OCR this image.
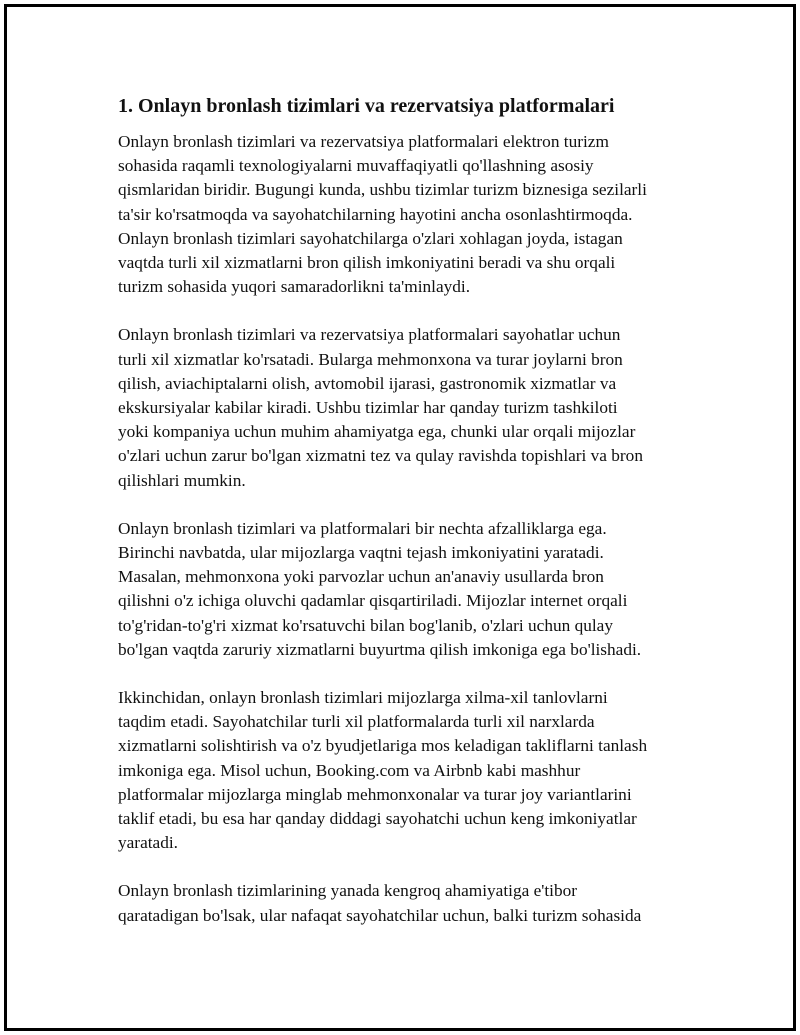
1. Onlayn bronlash tizimlari va rezervatsiya platformalari

Onlayn bronlash tizimlari va rezervatsiya platformalari elektron turizm
sohasida raqamli texnologiyalarni muvaffaqiyatli qo'llashning asosiy
qismlaridan biridir. Bugungi kunda, ushbu tizimlar turizm biznesiga sezilarli
ta'sir ko'rsatmoqda va sayohatchilarning hayotini ancha osonlashtirmoqda.
Onlayn bronlash tizimlari sayohatchilarga o'zlari xohlagan joyda, istagan
vaqtda turli xil xizmatlarni bron qilish imkoniyatini beradi va shu orqali
turizm sohasida yuqori samaradorlikni ta'minlaydi.

Onlayn bronlash tizimlari va rezervatsiya platformalari sayohatlar uchun
turli xil xizmatlar ko'rsatadi. Bularga mehmonxona va turar joylarni bron
qilish, aviachiptalarni olish, avtomobil ijarasi, gastronomik xizmatlar va
ekskursiyalar kabilar kiradi. Ushbu tizimlar har qanday turizm tashkiloti
yoki kompaniya uchun muhim ahamiyatga ega, chunki ular orqali mijozlar
o'zlari uchun zarur bo'lgan xizmatni tez va qulay ravishda topishlari va bron
qilishlari mumkin.

Onlayn bronlash tizimlari va platformalari bir nechta afzalliklarga ega.
Birinchi navbatda, ular mijozlarga vaqtni tejash imkoniyatini yaratadi.
Masalan, mehmonxona yoki parvozlar uchun an'anaviy usullarda bron
qilishni o'z ichiga oluvchi qadamlar qisqartiriladi. Mijozlar internet orqali
to'g'ridan-to'g'ri xizmat ko'rsatuvchi bilan bog'lanib, o'zlari uchun qulay
bo'lgan vaqtda zaruriy xizmatlarni buyurtma qilish imkoniga ega bo'lishadi.

Ikkinchidan, onlayn bronlash tizimlari mijozlarga xilma-xil tanlovlarni
taqdim etadi. Sayohatchilar turli xil platformalarda turli xil narxlarda
xizmatlarni solishtirish va o'z byudjetlariga mos keladigan takliflarni tanlash
imkoniga ega. Misol uchun, Booking.com va Airbnb kabi mashhur
platformalar mijozlarga minglab mehmonxonalar va turar joy variantlarini
taklif etadi, bu esa har qanday diddagi sayohatchi uchun keng imkoniyatlar
yaratadi.

Onlayn bronlash tizimlarining yanada kengroq ahamiyatiga e'tibor
qaratadigan bo'lsak, ular nafaqat sayohatchilar uchun, balki turizm sohasida
